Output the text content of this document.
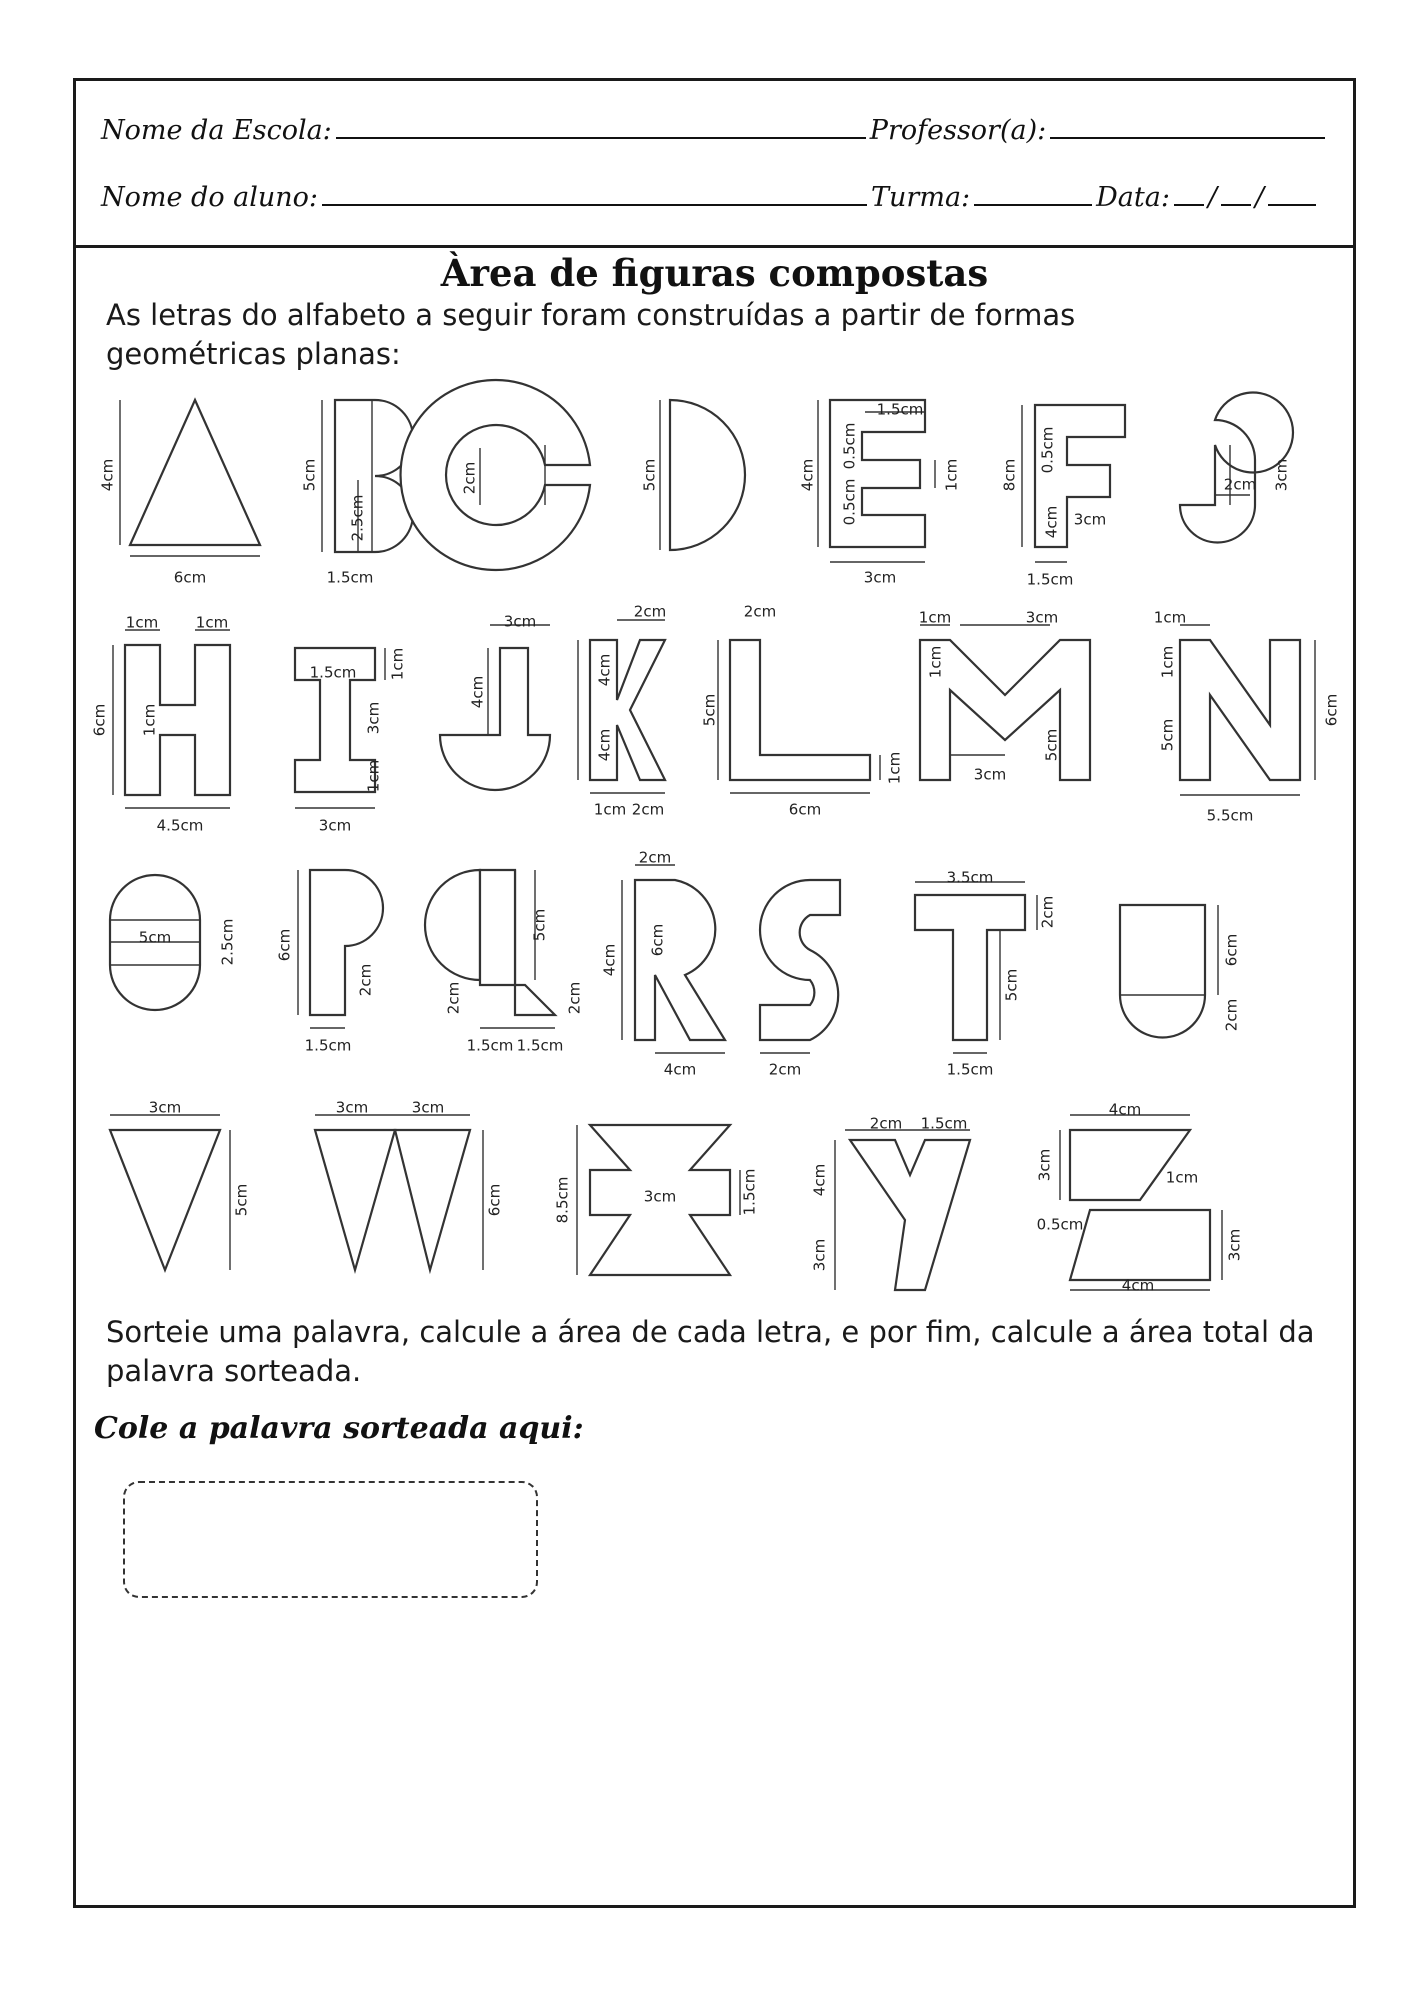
Nome da Escola:	Professor(a):
Nome do aluno:	Turma:	Data: / /
Àrea de figuras compostas
As letras do alfabeto a seguir foram construídas a partir de formas geométricas planas:
Sorteie uma palavra, calcule a área de cada letra, e por fim, calcule a área total da palavra sorteada.
Cole a palavra sorteada aqui:
4cm
6cm
5cm
2.5cm
1.5cm
2cm	5cm
1.5cm
4cm
0.5cm
1cm
0.5cm
3cm
8cm
0.5cm
4cm 3cm
1.5cm
2cm 3cm
1cm	1cm
6cm 1cm
4.5cm
1.5cm 1cm
3cm
1cm
3cm
3cm
4cm
2cm
4cm
4cm
1cm 2cm
2cm
5cm
1cm
6cm
1cm	3cm
1cm
5cm
3cm
1cm
1cm
5cm
6cm
5.5cm
5cm	2.5cm	6cm
2cm
1.5cm
5cm
2cm	2cm
1.5cm 1.5cm
2cm
6cm
4cm
4cm	2cm
3.5cm
2cm
5cm
1.5cm
6cm
2cm
3cm
5cm
3cm	3cm
6cm	8.5cm	3cm	1.5cm
2cm 1.5cm
4cm
3cm
4cm
3cm	1cm
0.5cm
3cm
4cm
